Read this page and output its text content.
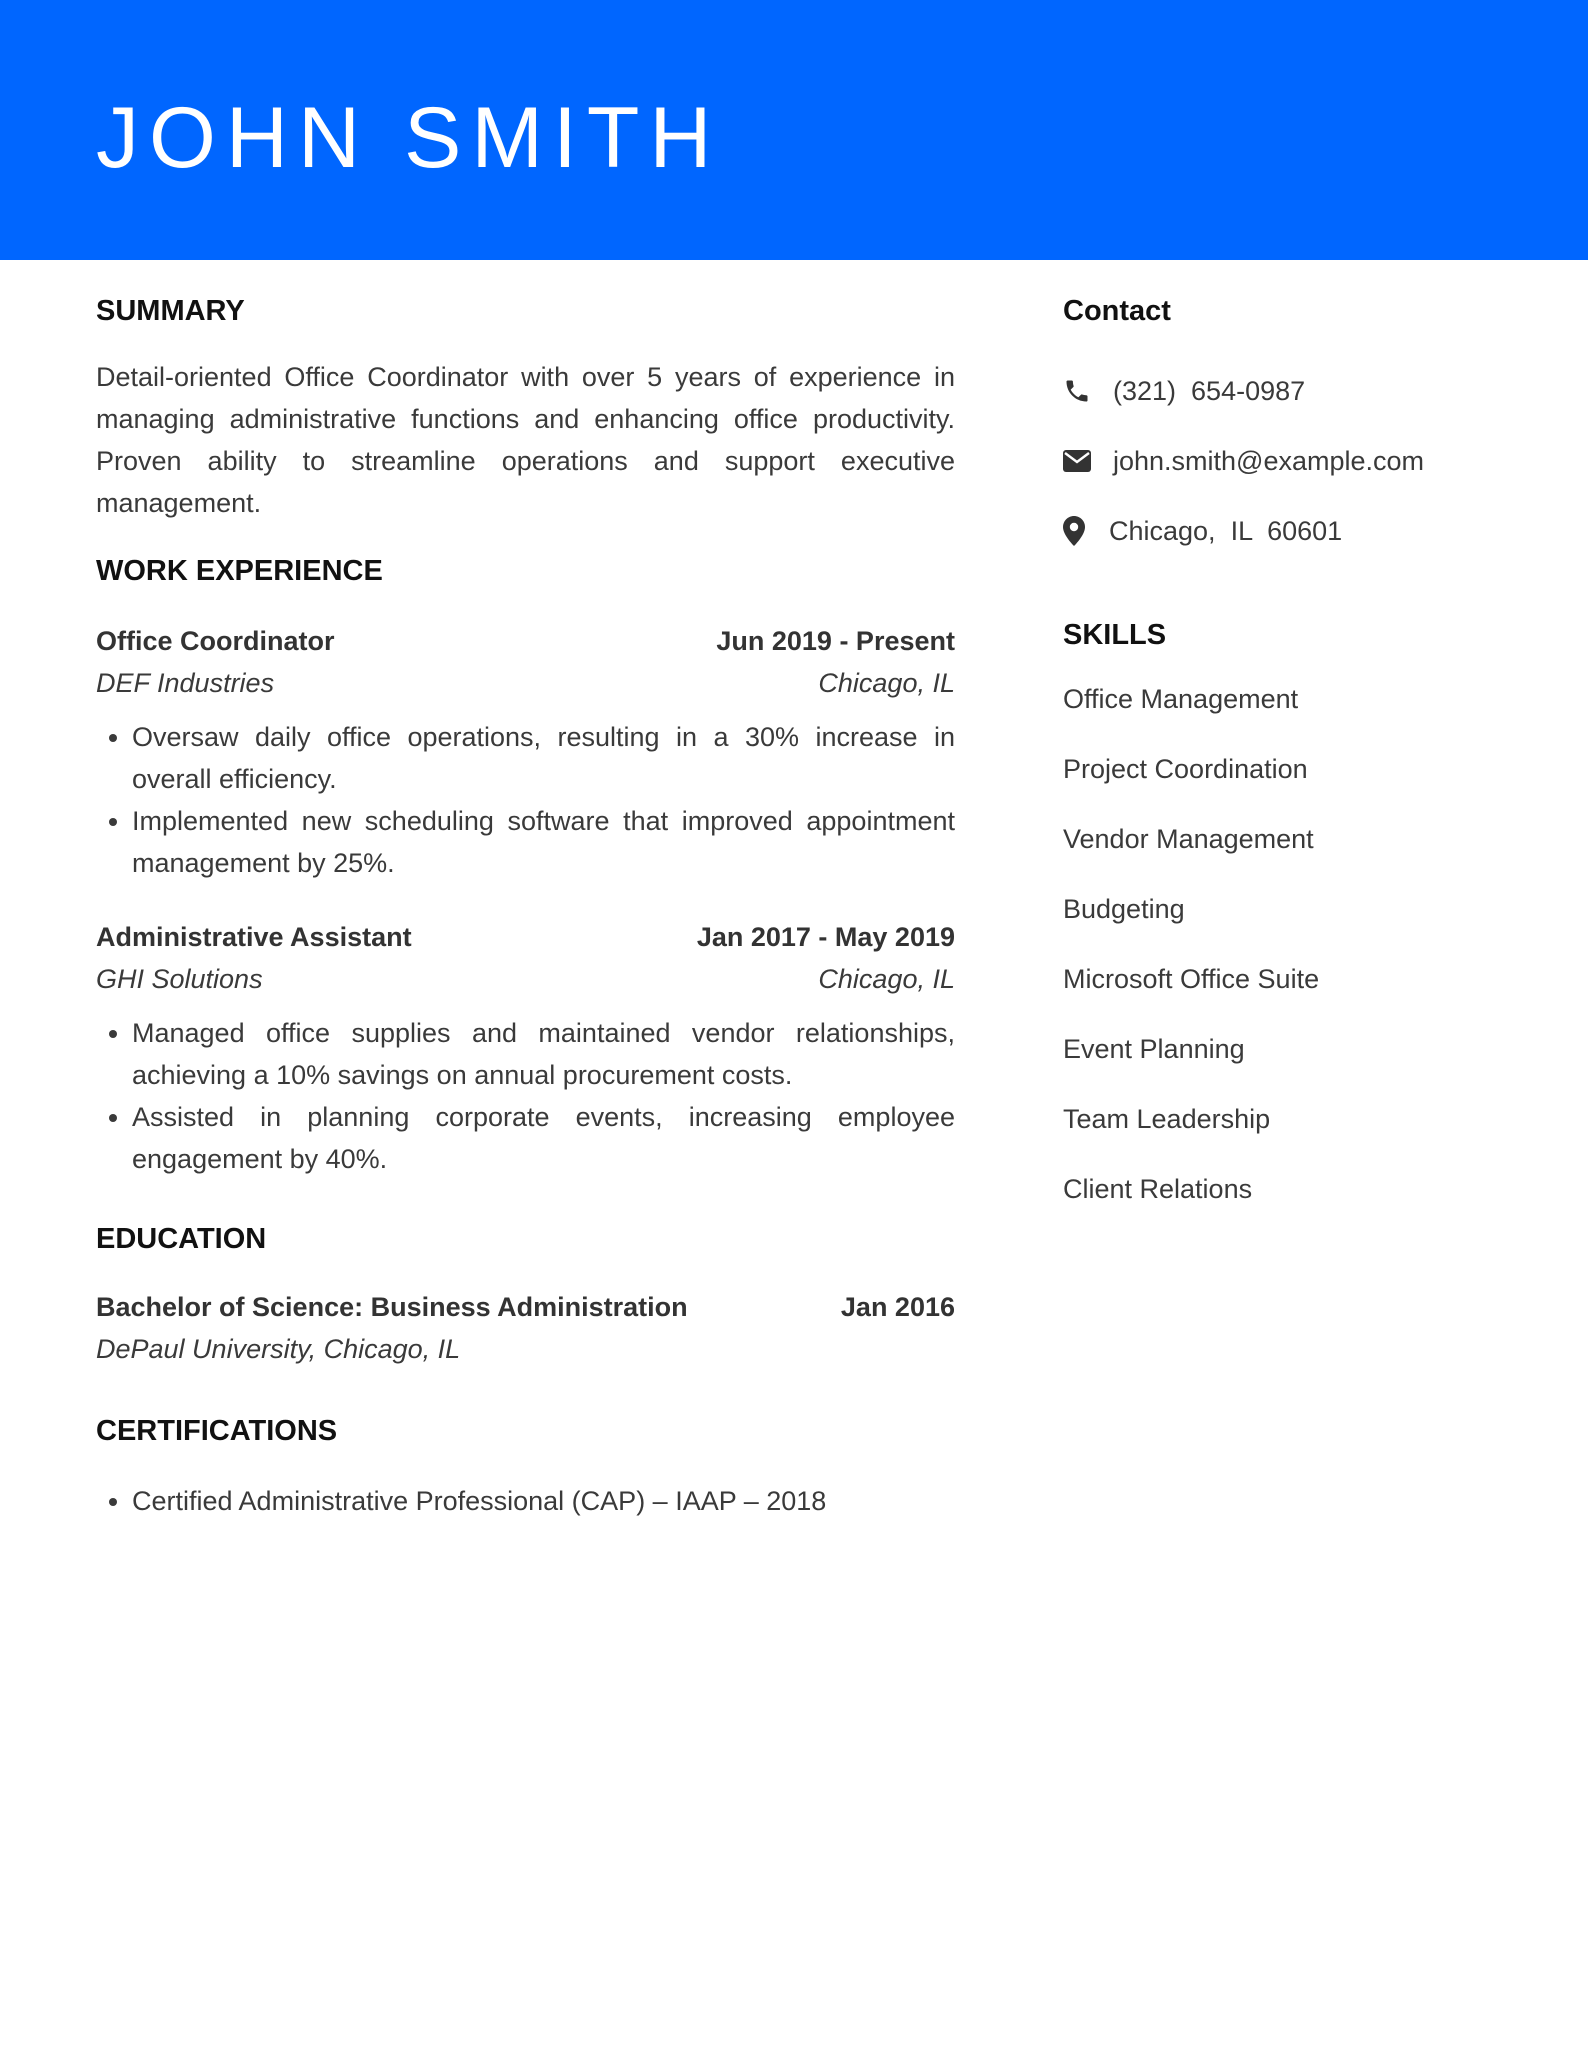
JOHN SMITH
SUMMARY

Detail-oriented Office Coordinator with over 5 years of experience in managing administrative functions and enhancing office productivity. Proven ability to streamline operations and support executive management.

WORK EXPERIENCE
Office Coordinator	Jun 2019 - Present
DEF Industries	Chicago, IL
• Oversaw daily office operations, resulting in a 30% increase in overall efficiency.
• Implemented new scheduling software that improved appointment management by 25%.
Administrative Assistant	Jan 2017 - May 2019
GHI Solutions	Chicago, IL
• Managed office supplies and maintained vendor relationships, achieving a 10% savings on annual procurement costs.
• Assisted in planning corporate events, increasing employee engagement by 40%.
EDUCATION
Bachelor of Science: Business Administration	Jan 2016
DePaul University, Chicago, IL
CERTIFICATIONS
• Certified Administrative Professional (CAP) – IAAP – 2018
Contact
(321)  654-0987
john.smith@example.com
Chicago,  IL  60601
SKILLS
Office Management
Project Coordination
Vendor Management
Budgeting
Microsoft Office Suite
Event Planning
Team Leadership
Client Relations
